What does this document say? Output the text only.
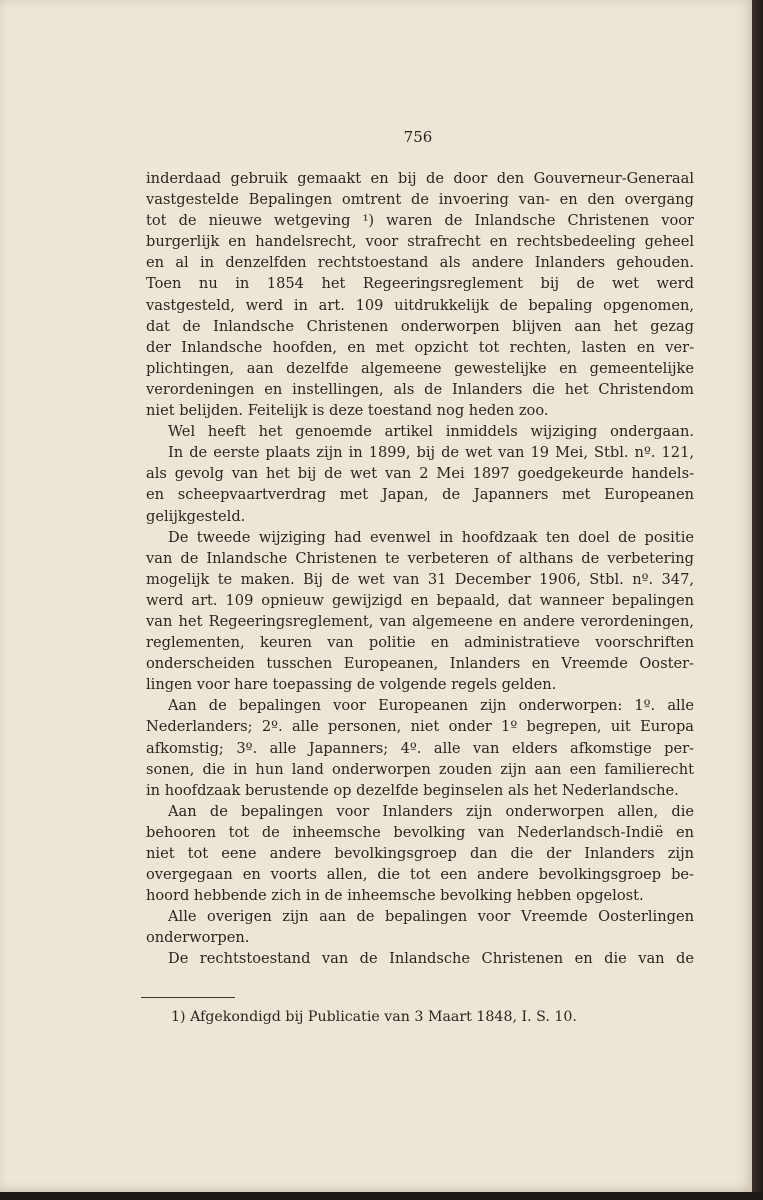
756
inderdaad gebruik gemaakt en bij de door den Gouverneur-Generaal
vastgestelde Bepalingen omtrent de invoering van- en den overgang
tot de nieuwe wetgeving ¹) waren de Inlandsche Christenen voor
burgerlijk en handelsrecht, voor strafrecht en rechtsbedeeling geheel
en al in denzelfden rechtstoestand als andere Inlanders gehouden.
Toen nu in 1854 het Regeeringsreglement bij de wet werd
vastgesteld, werd in art. 109 uitdrukkelijk de bepaling opgenomen,
dat de Inlandsche Christenen onderworpen blijven aan het gezag
der Inlandsche hoofden, en met opzicht tot rechten, lasten en ver-
plichtingen, aan dezelfde algemeene gewestelijke en gemeentelijke
verordeningen en instellingen, als de Inlanders die het Christendom
niet belijden. Feitelijk is deze toestand nog heden zoo.
Wel heeft het genoemde artikel inmiddels wijziging ondergaan.
In de eerste plaats zijn in 1899, bij de wet van 19 Mei, Stbl. nº. 121,
als gevolg van het bij de wet van 2 Mei 1897 goedgekeurde handels-
en scheepvaartverdrag met Japan, de Japanners met Europeanen
gelijkgesteld.
De tweede wijziging had evenwel in hoofdzaak ten doel de positie
van de Inlandsche Christenen te verbeteren of althans de verbetering
mogelijk te maken. Bij de wet van 31 December 1906, Stbl. nº. 347,
werd art. 109 opnieuw gewijzigd en bepaald, dat wanneer bepalingen
van het Regeeringsreglement, van algemeene en andere verordeningen,
reglementen, keuren van politie en administratieve voorschriften
onderscheiden tusschen Europeanen, Inlanders en Vreemde Ooster-
lingen voor hare toepassing de volgende regels gelden.
Aan de bepalingen voor Europeanen zijn onderworpen: 1º. alle
Nederlanders; 2º. alle personen, niet onder 1º begrepen, uit Europa
afkomstig; 3º. alle Japanners; 4º. alle van elders afkomstige per-
sonen, die in hun land onderworpen zouden zijn aan een familierecht
in hoofdzaak berustende op dezelfde beginselen als het Nederlandsche.
Aan de bepalingen voor Inlanders zijn onderworpen allen, die
behooren tot de inheemsche bevolking van Nederlandsch-Indië en
niet tot eene andere bevolkingsgroep dan die der Inlanders zijn
overgegaan en voorts allen, die tot een andere bevolkingsgroep be-
hoord hebbende zich in de inheemsche bevolking hebben opgelost.
Alle overigen zijn aan de bepalingen voor Vreemde Oosterlingen
onderworpen.
De rechtstoestand van de Inlandsche Christenen en die van de
1) Afgekondigd bij Publicatie van 3 Maart 1848, I. S. 10.
